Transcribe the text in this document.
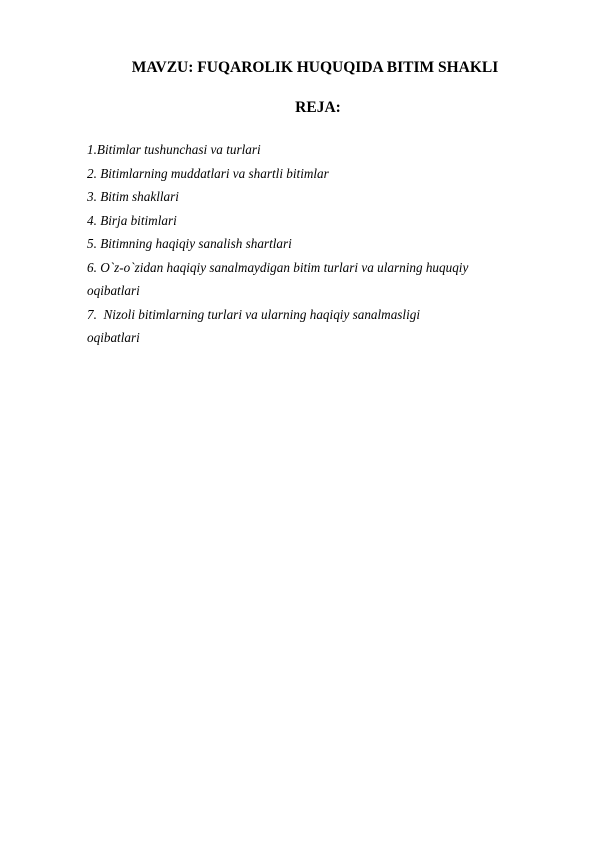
MAVZU: FUQAROLIK HUQUQIDA BITIM SHAKLI
REJA:
1.Bitimlar tushunchasi va turlari
2. Bitimlarning muddatlari va shartli bitimlar
3. Bitim shakllari
4. Birja bitimlari
5. Bitimning haqiqiy sanalish shartlari
6. O`z-o`zidan haqiqiy sanalmaydigan bitim turlari va ularning huquqiy
oqibatlari
7.  Nizoli bitimlarning turlari va ularning haqiqiy sanalmasligi
oqibatlari
